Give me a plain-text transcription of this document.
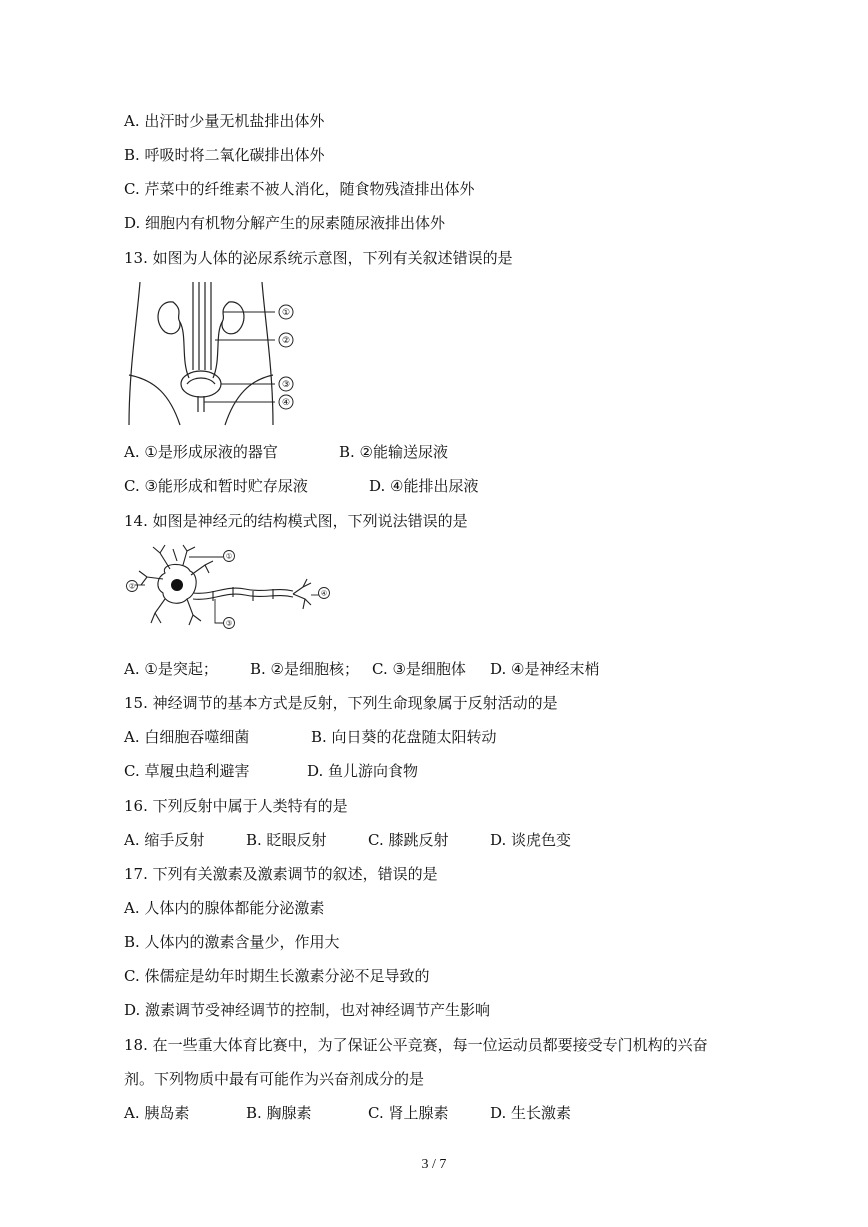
A. 出汗时少量无机盐排出体外
B. 呼吸时将二氧化碳排出体外
C. 芹菜中的纤维素不被人消化，随食物残渣排出体外
D. 细胞内有机物分解产生的尿素随尿液排出体外
13. 如图为人体的泌尿系统示意图，下列有关叙述错误的是
①
②
③
④
A. ①是形成尿液的器官	B. ②能输送尿液
C. ③能形成和暂时贮存尿液	D. ④能排出尿液
14. 如图是神经元的结构模式图，下列说法错误的是
①
②
③
④
A. ①是突起； B. ②是细胞核； C. ③是细胞体 D. ④是神经末梢
15. 神经调节的基本方式是反射，下列生命现象属于反射活动的是
A. 白细胞吞噬细菌	B. 向日葵的花盘随太阳转动
C. 草履虫趋利避害	D. 鱼儿游向食物
16. 下列反射中属于人类特有的是
A. 缩手反射	B. 眨眼反射	C. 膝跳反射	D. 谈虎色变
17. 下列有关激素及激素调节的叙述，错误的是
A. 人体内的腺体都能分泌激素
B. 人体内的激素含量少，作用大
C. 侏儒症是幼年时期生长激素分泌不足导致的
D. 激素调节受神经调节的控制，也对神经调节产生影响
18. 在一些重大体育比赛中，为了保证公平竞赛，每一位运动员都要接受专门机构的兴奋
剂。下列物质中最有可能作为兴奋剂成分的是
A. 胰岛素	B. 胸腺素	C. 肾上腺素	D. 生长激素
3 / 7
